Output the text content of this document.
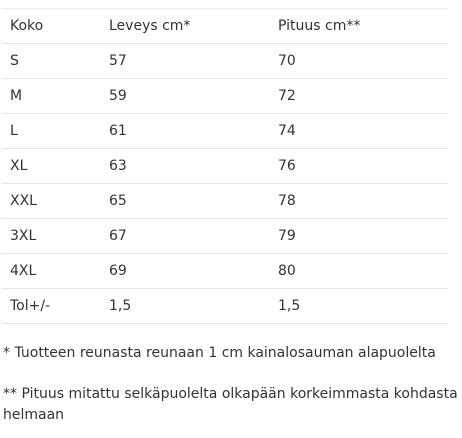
Koko	Leveys cm*	Pituus cm**
S	57	70
M	59	72
L	61	74
XL	63	76
XXL	65	78
3XL	67	79
4XL	69	80
Tol+/-	1,5	1,5

* Tuotteen reunasta reunaan 1 cm kainalosauman alapuolelta

** Pituus mitattu selkäpuolelta olkapään korkeimmasta kohdasta helmaan
